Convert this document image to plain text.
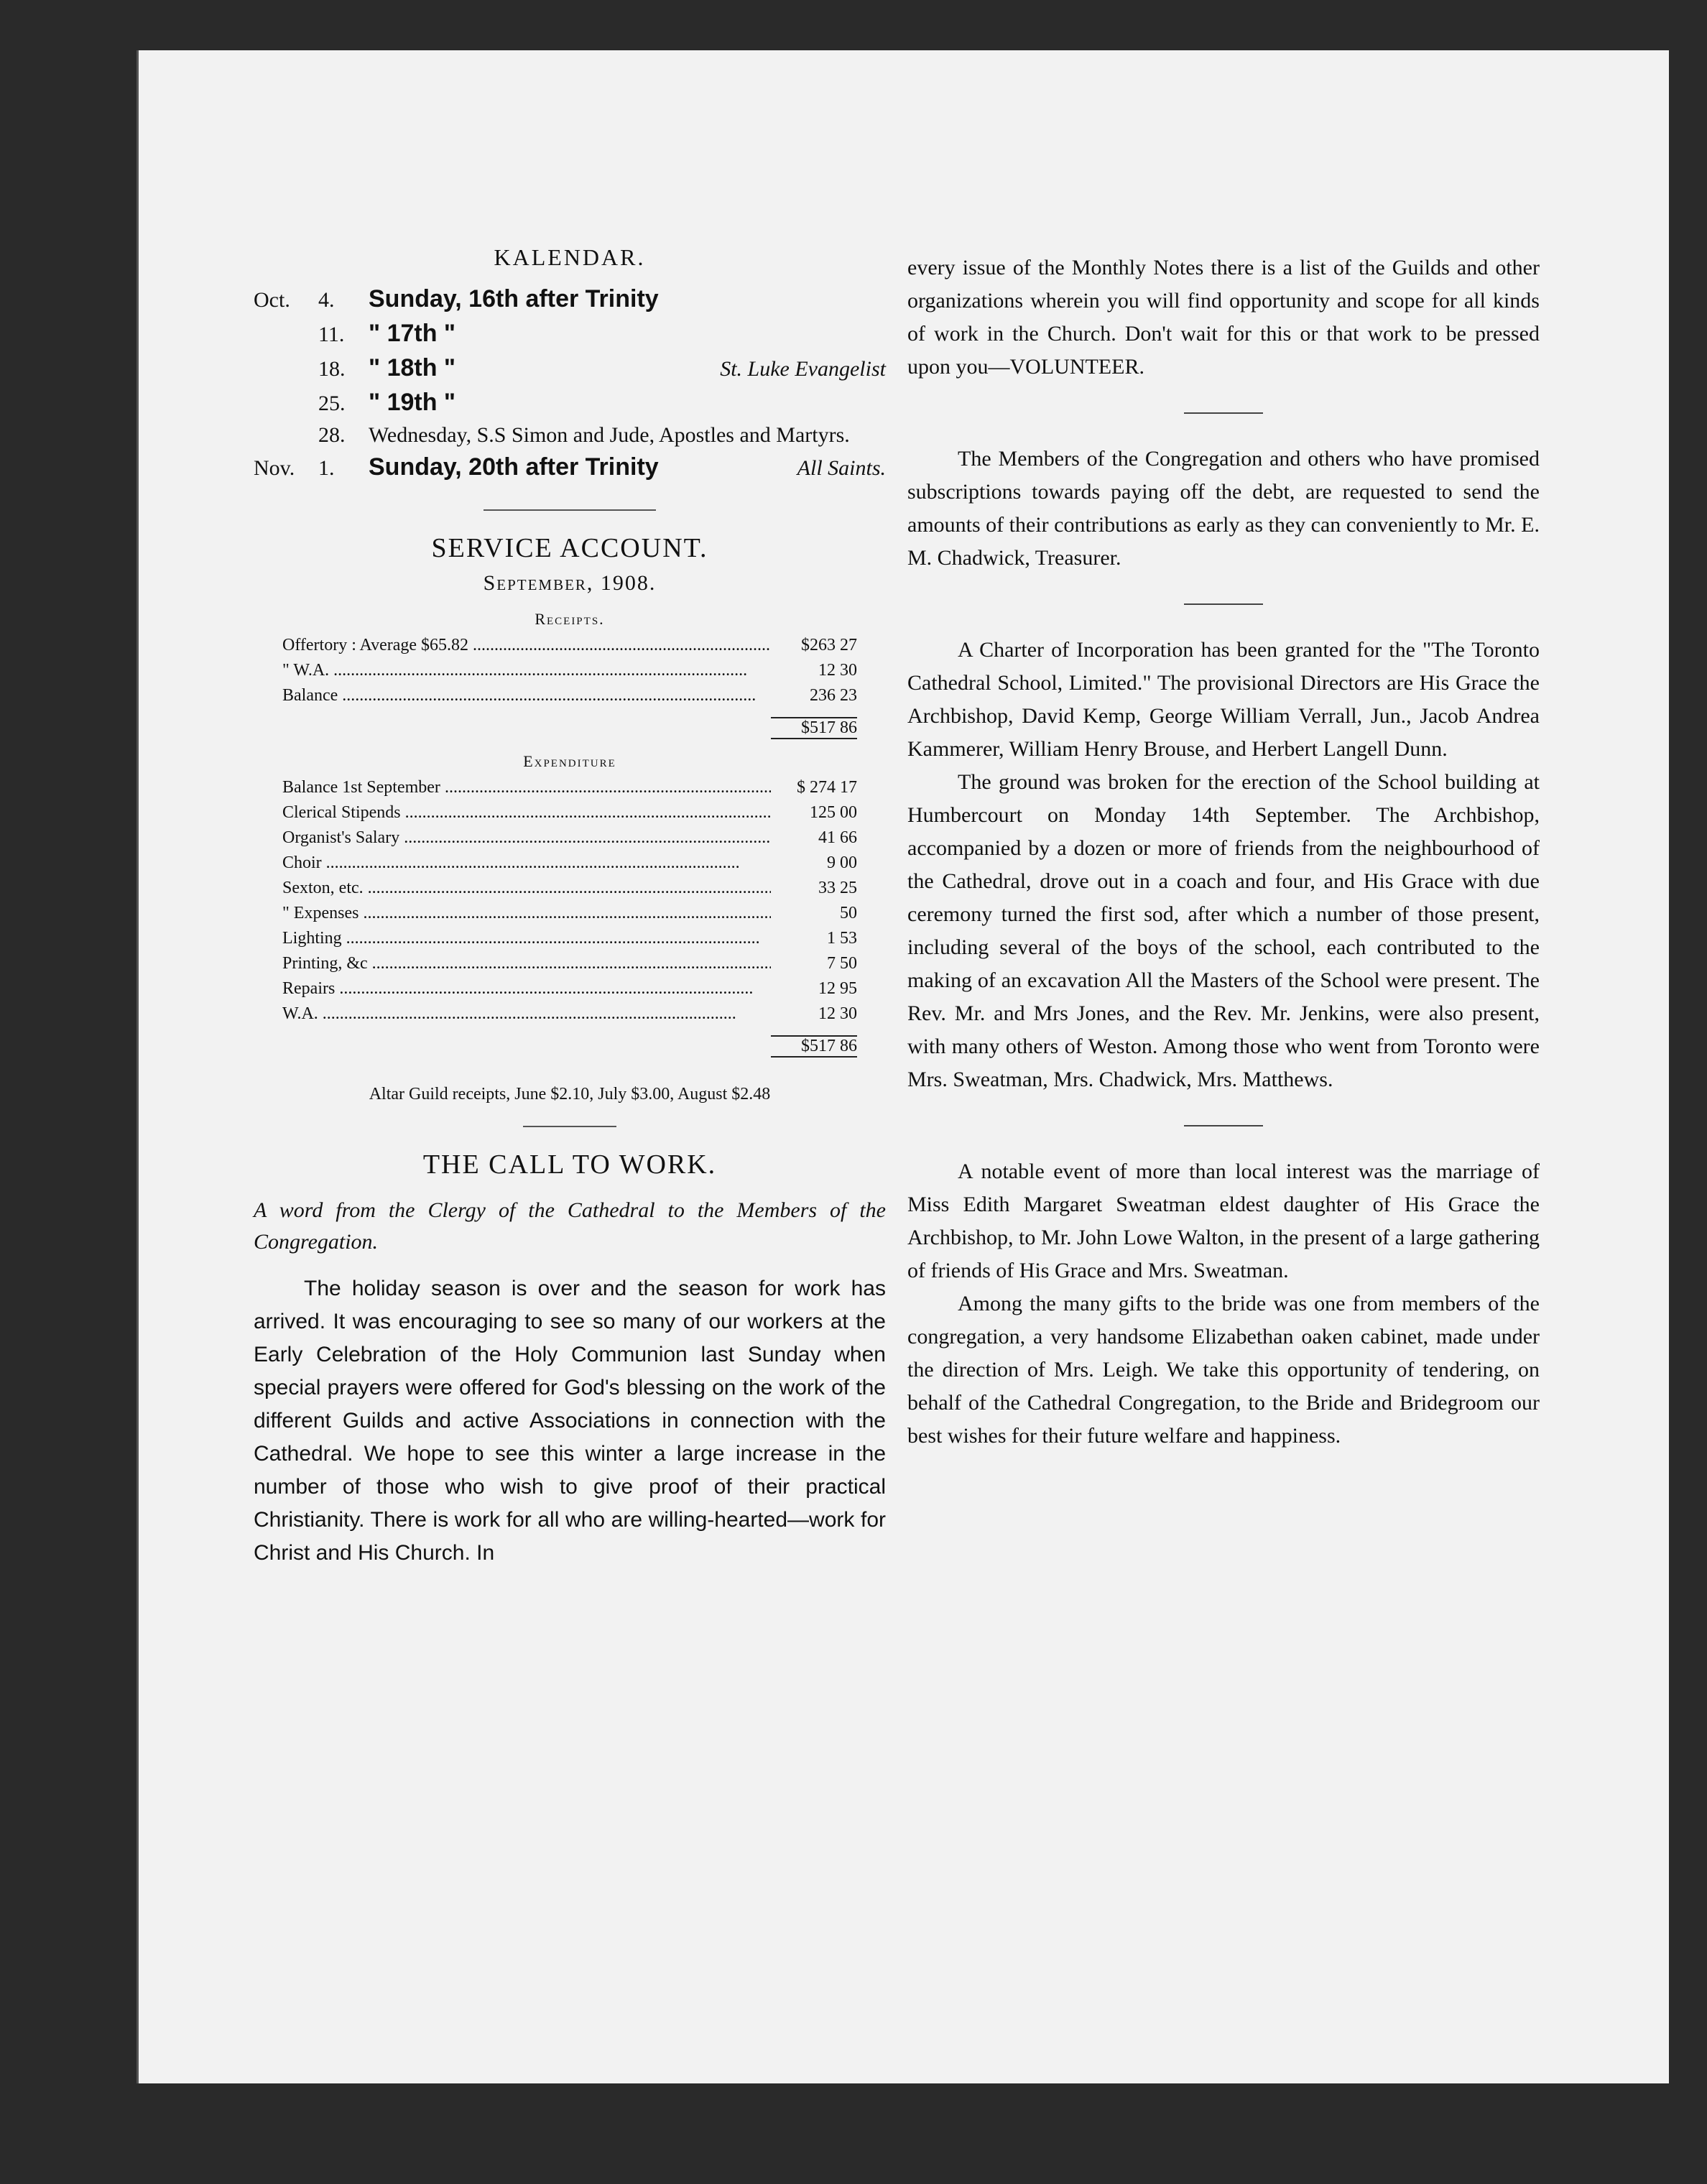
KALENDAR.
Oct.	4.	Sunday, 16th after Trinity
11. " 17th "
18. " 18th "	St. Luke Evangelist
25. " 19th "
28.	Wednesday, S.S Simon and Jude, Apostles and Martyrs.
Nov.	1.	Sunday, 20th after Trinity	All Saints.
SERVICE ACCOUNT.
September, 1908.
Receipts.
Offertory : Average $65.82 .....	$263 27
" W.A. .....	12 30
Balance .....	236 23
$517 86
Expenditure
Balance 1st September .....	$ 274 17
Clerical Stipends .....	125 00
Organist's Salary .....	41 66
Choir .....	9 00
Sexton, etc. .....	33 25
" Expenses .....	50
Lighting .....	1 53
Printing, &c .....	7 50
Repairs .....	12 95
W.A. .....	12 30
$517 86
Altar Guild receipts, June $2.10, July $3.00, August $2.48
THE CALL TO WORK.
A word from the Clergy of the Cathedral to the Members of the Congregation.

The holiday season is over and the season for work has arrived. It was encouraging to see so many of our workers at the Early Celebration of the Holy Communion last Sunday when special prayers were offered for God's blessing on the work of the different Guilds and active Associations in connection with the Cathedral. We hope to see this winter a large increase in the number of those who wish to give proof of their practical Christianity. There is work for all who are willing-hearted—work for Christ and His Church. In

every issue of the Monthly Notes there is a list of the Guilds and other organizations wherein you will find opportunity and scope for all kinds of work in the Church. Don't wait for this or that work to be pressed upon you—VOLUNTEER.

The Members of the Congregation and others who have promised subscriptions towards paying off the debt, are requested to send the amounts of their contributions as early as they can conveniently to Mr. E. M. Chadwick, Treasurer.

A Charter of Incorporation has been granted for the "The Toronto Cathedral School, Limited." The provisional Directors are His Grace the Archbishop, David Kemp, George William Verrall, Jun., Jacob Andrea Kammerer, William Henry Brouse, and Herbert Langell Dunn.

The ground was broken for the erection of the School building at Humbercourt on Monday 14th September. The Archbishop, accompanied by a dozen or more of friends from the neighbourhood of the Cathedral, drove out in a coach and four, and His Grace with due ceremony turned the first sod, after which a number of those present, including several of the boys of the school, each contributed to the making of an excavation All the Masters of the School were present. The Rev. Mr. and Mrs Jones, and the Rev. Mr. Jenkins, were also present, with many others of Weston. Among those who went from Toronto were Mrs. Sweatman, Mrs. Chadwick, Mrs. Matthews.

A notable event of more than local interest was the marriage of Miss Edith Margaret Sweatman eldest daughter of His Grace the Archbishop, to Mr. John Lowe Walton, in the present of a large gathering of friends of His Grace and Mrs. Sweatman.

Among the many gifts to the bride was one from members of the congregation, a very handsome Elizabethan oaken cabinet, made under the direction of Mrs. Leigh. We take this opportunity of tendering, on behalf of the Cathedral Congregation, to the Bride and Bridegroom our best wishes for their future welfare and happiness.
